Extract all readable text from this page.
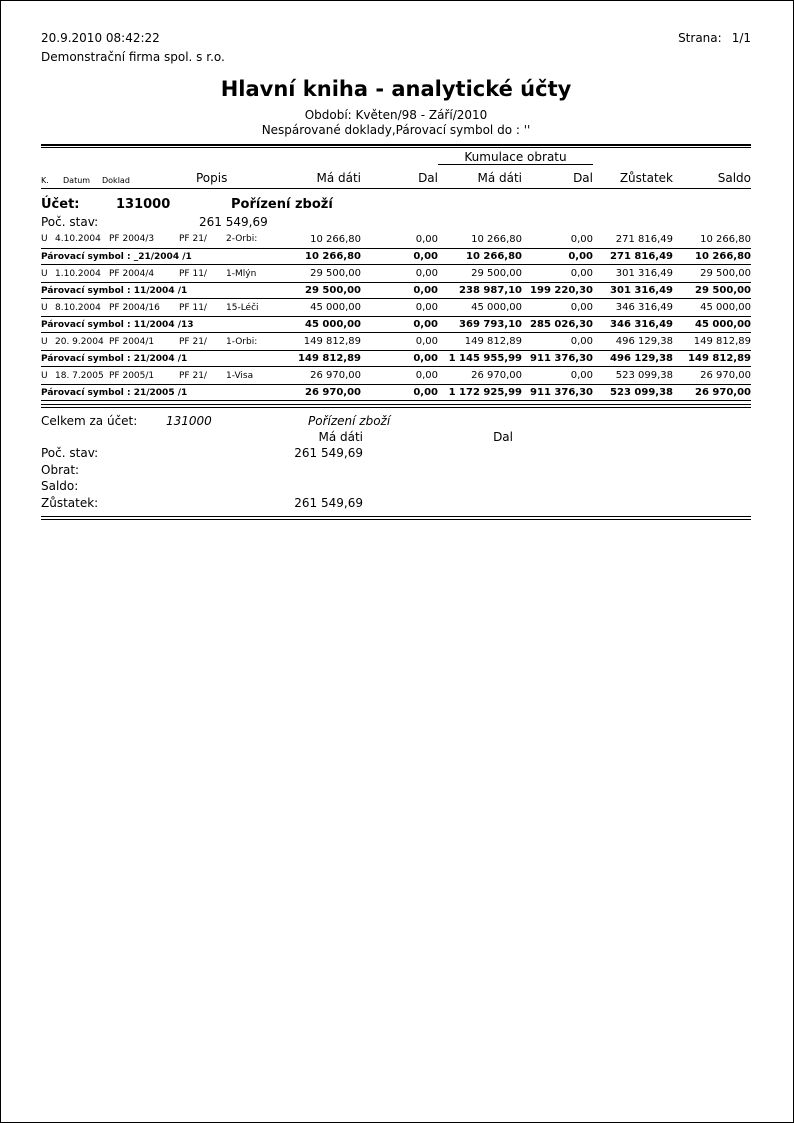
20.9.2010 08:42:22
Demonstrační firma spol. s r.o.
Strana: 1/1
Hlavní kniha - analytické účty
Období: Květen/98 - Září/2010
Nespárované doklady,Párovací symbol do : ''
						Kumulace obratu			
K.	Datum	Doklad	Popis	Má dáti	Dal	Má dáti	Dal	Zůstatek	Saldo
Účet:	131000	Pořízení zboží
Poč. stav:	261 549,69
U	4.10.2004	PF 2004/3	PF 21/	2-Orbi:	10 266,80	0,00	10 266,80	0,00	271 816,49	10 266,80
Párovací symbol : _21/2004 /1					10 266,80	0,00	10 266,80	0,00	271 816,49	10 266,80
U	1.10.2004	PF 2004/4	PF 11/	1-Mlýn	29 500,00	0,00	29 500,00	0,00	301 316,49	29 500,00
Párovací symbol : 11/2004 /1					29 500,00	0,00	238 987,10	199 220,30	301 316,49	29 500,00
U	8.10.2004	PF 2004/16	PF 11/	15-Léči	45 000,00	0,00	45 000,00	0,00	346 316,49	45 000,00
Párovací symbol : 11/2004 /13					45 000,00	0,00	369 793,10	285 026,30	346 316,49	45 000,00
U	20. 9.2004	PF 2004/1	PF 21/	1-Orbi:	149 812,89	0,00	149 812,89	0,00	496 129,38	149 812,89
Párovací symbol : 21/2004 /1					149 812,89	0,00	1 145 955,99	911 376,30	496 129,38	149 812,89
U	18. 7.2005	PF 2005/1	PF 21/	1-Visa	26 970,00	0,00	26 970,00	0,00	523 099,38	26 970,00
Párovací symbol : 21/2005 /1					26 970,00	0,00	1 172 925,99	911 376,30	523 099,38	26 970,00
Celkem za účet: 131000	Pořízení zboží
Má dáti	Dal
Poč. stav:	261 549,69
Obrat:
Saldo:
Zůstatek:	261 549,69
